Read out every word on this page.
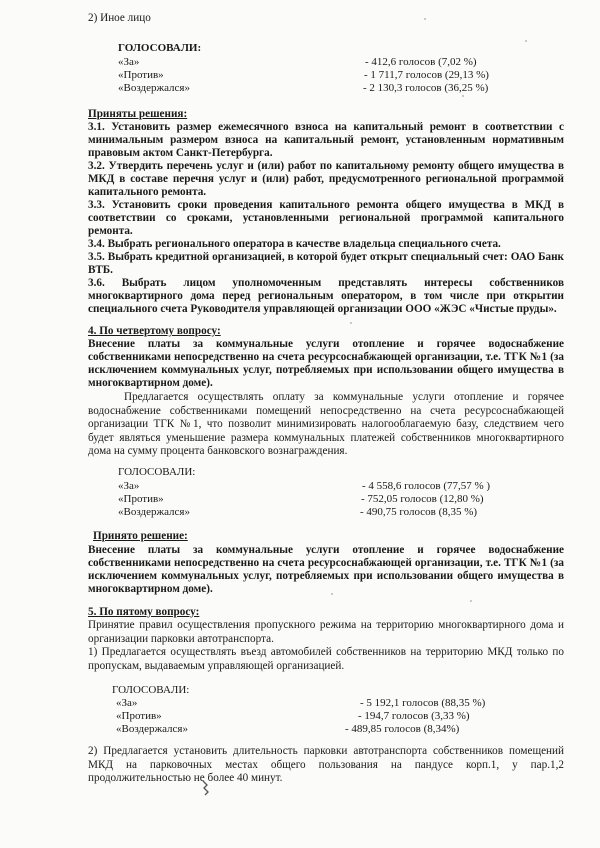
2) Иное лицо
ГОЛОСОВАЛИ:
«За»
«Против»
«Воздержался»
- 412,6 голосов (7,02 %)
- 1 711,7 голосов (29,13 %)
- 2 130,3 голосов (36,25 %)
Приняты решения:
3.1. Установить размер ежемесячного взноса на капитальный ремонт в соответствии с
минимальным размером взноса на капитальный ремонт, установленным нормативным
правовым актом Санкт-Петербурга.
3.2. Утвердить перечень услуг и (или) работ по капитальному ремонту общего имущества в
МКД в составе перечня услуг и (или) работ, предусмотренного региональной программой
капитального ремонта.
3.3. Установить сроки проведения капитального ремонта общего имущества в МКД в
соответствии со сроками, установленными региональной программой капитального
ремонта.
3.4. Выбрать регионального оператора в качестве владельца специального счета.
3.5. Выбрать кредитной организацией, в которой будет открыт специальный счет: ОАО Банк
ВТБ.
3.6. Выбрать лицом уполномоченным представлять интересы собственников
многоквартирного дома перед региональным оператором, в том числе при открытии
специального счета Руководителя управляющей организации ООО «ЖЭС «Чистые пруды».
4. По четвертому вопросу:
Внесение платы за коммунальные услуги отопление и горячее водоснабжение
собственниками непосредственно на счета ресурсоснабжающей организации, т.е. ТГК №1 (за
исключением коммунальных услуг, потребляемых при использовании общего имущества в
многоквартирном доме).
Предлагается осуществлять оплату за коммунальные услуги отопление и горячее водоснабжение собственниками помещений непосредственно на счета ресурсоснабжающей организации ТГК №1, что позволит минимизировать налогооблагаемую базу, следствием чего будет являться уменьшение размера коммунальных платежей собственников многоквартирного дома на сумму процента банковского вознаграждения.
ГОЛОСОВАЛИ:
«За»
«Против»
«Воздержался»
- 4 558,6 голосов (77,57 % )
- 752,05 голосов (12,80 %)
- 490,75 голосов (8,35 %)
Принято решение:
Внесение платы за коммунальные услуги отопление и горячее водоснабжение
собственниками непосредственно на счета ресурсоснабжающей организации, т.е. ТГК №1 (за
исключением коммунальных услуг, потребляемых при использовании общего имущества в
многоквартирном доме).
5. По пятому вопросу:
Принятие правил осуществления пропускного режима на территорию многоквартирного дома и организации парковки автотранспорта.
1) Предлагается осуществлять въезд автомобилей собственников на территорию МКД только по пропускам, выдаваемым управляющей организацией.
ГОЛОСОВАЛИ:
«За»
«Против»
«Воздержался»
- 5 192,1 голосов (88,35 %)
- 194,7 голосов (3,33 %)
- 489,85 голосов (8,34%)
2) Предлагается установить длительность парковки автотранспорта собственников помещений МКД на парковочных местах общего пользования на пандусе корп.1, у пар.1,2 продолжительностью не более 40 минут.
